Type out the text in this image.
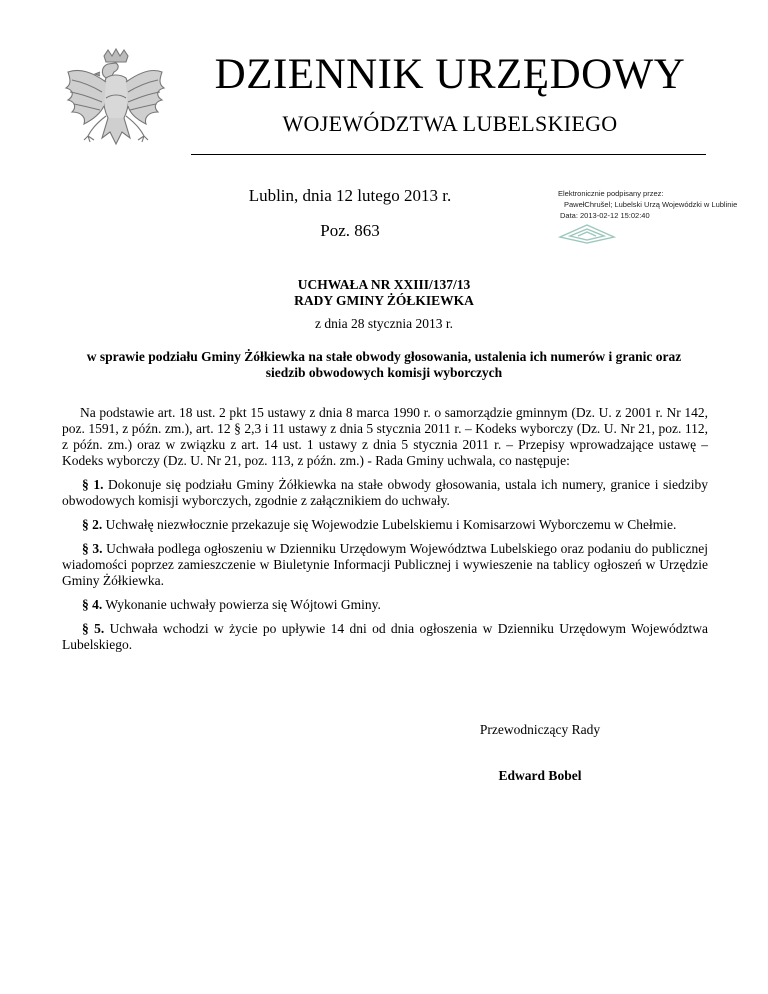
DZIENNIK URZĘDOWY
WOJEWÓDZTWA LUBELSKIEGO
Lublin, dnia 12 lutego 2013 r.
Poz. 863
Elektronicznie podpisany przez:
PawełChrušel; Lubelski Urzą Wojewódzki w Lublinie
Data: 2013-02-12 15:02:40
UCHWAŁA NR XXIII/137/13
RADY GMINY ŻÓŁKIEWKA
z dnia 28 stycznia 2013 r.
w sprawie podziału Gminy Żółkiewka na stałe obwody głosowania, ustalenia ich numerów i granic oraz
siedzib obwodowych komisji wyborczych

Na podstawie art. 18 ust. 2 pkt 15 ustawy z dnia 8 marca 1990 r. o samorządzie gminnym (Dz. U. z 2001 r. Nr 142, poz. 1591, z późn. zm.), art. 12 § 2,3 i 11 ustawy z dnia 5 stycznia 2011 r. – Kodeks wyborczy (Dz. U. Nr 21, poz. 112, z późn. zm.) oraz w związku z art. 14 ust. 1 ustawy z dnia 5 stycznia 2011 r. – Przepisy wprowadzające ustawę – Kodeks wyborczy (Dz. U. Nr 21, poz. 113, z późn. zm.) - Rada Gminy uchwala, co następuje:

§ 1. Dokonuje się podziału Gminy Żółkiewka na stałe obwody głosowania, ustala ich numery, granice i siedziby obwodowych komisji wyborczych, zgodnie z załącznikiem do uchwały.

§ 2. Uchwałę niezwłocznie przekazuje się Wojewodzie Lubelskiemu i Komisarzowi Wyborczemu w Chełmie.

§ 3. Uchwała podlega ogłoszeniu w Dzienniku Urzędowym Województwa Lubelskiego oraz podaniu do publicznej wiadomości poprzez zamieszczenie w Biuletynie Informacji Publicznej i wywieszenie na tablicy ogłoszeń w Urzędzie Gminy Żółkiewka.

§ 4. Wykonanie uchwały powierza się Wójtowi Gminy.

§ 5. Uchwała wchodzi w życie po upływie 14 dni od dnia ogłoszenia w Dzienniku Urzędowym Województwa Lubelskiego.

Przewodniczący Rady
Edward Bobel
